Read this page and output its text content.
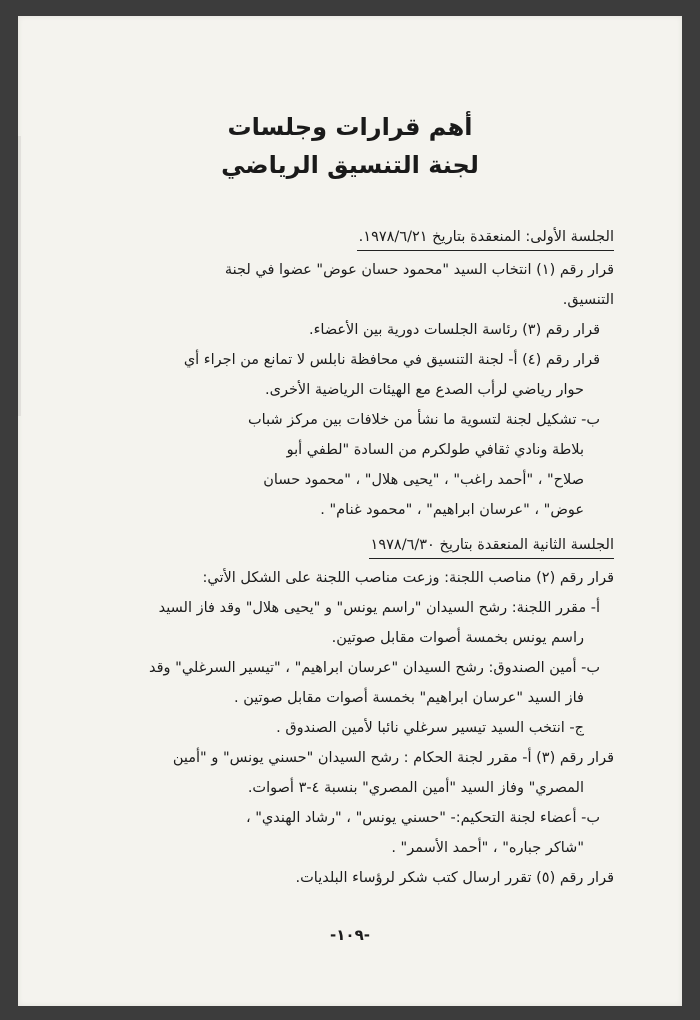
أهم قرارات وجلسات
لجنة التنسيق الرياضي
الجلسة الأولى: المنعقدة بتاريخ ١٩٧٨/٦/٢١.

قرار رقم (١) انتخاب السيد "محمود حسان عوض" عضوا في لجنة

التنسيق.

قرار رقم (٣) رئاسة الجلسات دورية بين الأعضاء.

قرار رقم (٤) أ- لجنة التنسيق في محافظة نابلس لا تمانع من اجراء أي

حوار رياضي لرأب الصدع مع الهيئات الرياضية الأخرى.

ب- تشكيل لجنة لتسوية ما نشأ من خلافات بين مركز شباب

بلاطة ونادي ثقافي طولكرم من السادة "لطفي أبو

صلاح" ، "أحمد راغب" ، "يحيى هلال" ، "محمود حسان

عوض" ، "عرسان ابراهيم" ، "محمود غنام" .

الجلسة الثانية المنعقدة بتاريخ ١٩٧٨/٦/٣٠

قرار رقم (٢) مناصب اللجنة: وزعت مناصب اللجنة على الشكل الأتي:

أ- مقرر اللجنة: رشح السيدان "راسم يونس" و "يحيى هلال" وقد فاز السيد

راسم يونس بخمسة أصوات مقابل صوتين.

ب- أمين الصندوق: رشح السيدان "عرسان ابراهيم" ، "تيسير السرغلي" وقد

فاز السيد "عرسان ابراهيم" بخمسة أصوات مقابل صوتين .

ج- انتخب السيد تيسير سرغلي نائبا لأمين الصندوق .

قرار رقم (٣) أ- مقرر لجنة الحكام : رشح السيدان "حسني يونس" و "أمين

المصري" وفاز السيد "أمين المصري" بنسبة ٤-٣ أصوات.

ب- أعضاء لجنة التحكيم:- "حسني يونس" ، "رشاد الهندي" ،

"شاكر جباره" ، "أحمد الأسمر" .

قرار رقم (٥) تقرر ارسال كتب شكر لرؤساء البلديات.

-١٠٩-
